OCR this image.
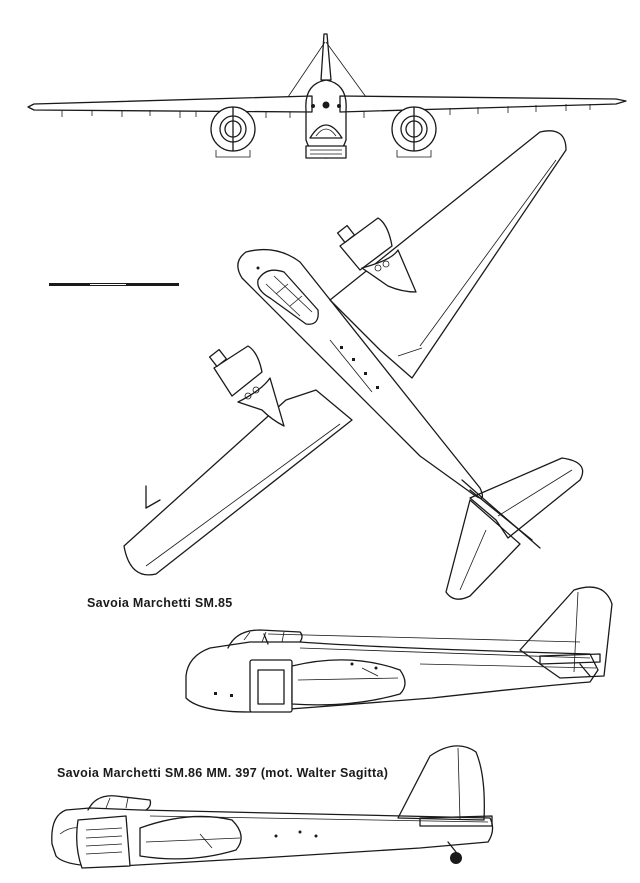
Savoia Marchetti SM.85
Savoia Marchetti SM.86 MM. 397 (mot. Walter Sagitta)
